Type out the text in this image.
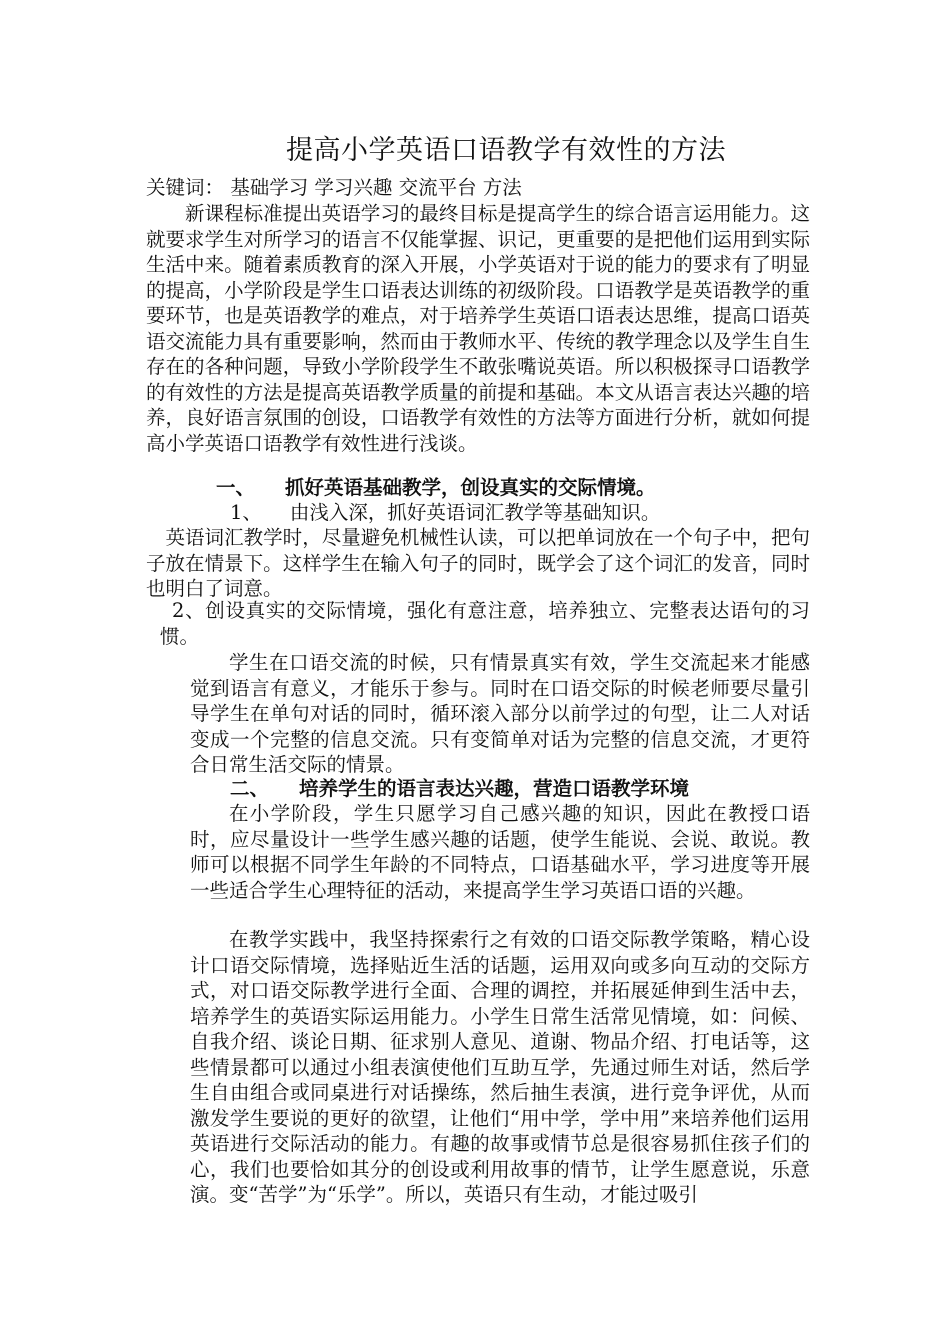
提高小学英语口语教学有效性的方法
关键词： 基础学习 学习兴趣 交流平台 方法
新课程标准提出英语学习的最终目标是提高学生的综合语言运用能力。这就要求学生对所学习的语言不仅能掌握、识记，更重要的是把他们运用到实际生活中来。随着素质教育的深入开展，小学英语对于说的能力的要求有了明显的提高，小学阶段是学生口语表达训练的初级阶段。口语教学是英语教学的重要环节，也是英语教学的难点，对于培养学生英语口语表达思维，提高口语英语交流能力具有重要影响，然而由于教师水平、传统的教学理念以及学生自生存在的各种问题，导致小学阶段学生不敢张嘴说英语。所以积极探寻口语教学的有效性的方法是提高英语教学质量的前提和基础。本文从语言表达兴趣的培养，良好语言氛围的创设，口语教学有效性的方法等方面进行分析，就如何提高小学英语口语教学有效性进行浅谈。
一、 抓好英语基础教学，创设真实的交际情境。
1、 由浅入深，抓好英语词汇教学等基础知识。
英语词汇教学时，尽量避免机械性认读，可以把单词放在一个句子中，把句子放在情景下。这样学生在输入句子的同时，既学会了这个词汇的发音，同时也明白了词意。
2、创设真实的交际情境，强化有意注意，培养独立、完整表达语句的习惯。
学生在口语交流的时候，只有情景真实有效，学生交流起来才能感觉到语言有意义，才能乐于参与。同时在口语交际的时候老师要尽量引导学生在单句对话的同时，循环滚入部分以前学过的句型，让二人对话变成一个完整的信息交流。只有变简单对话为完整的信息交流，才更符合日常生活交际的情景。
二、 培养学生的语言表达兴趣，营造口语教学环境
在小学阶段，学生只愿学习自己感兴趣的知识，因此在教授口语时，应尽量设计一些学生感兴趣的话题，使学生能说、会说、敢说。教师可以根据不同学生年龄的不同特点，口语基础水平，学习进度等开展一些适合学生心理特征的活动，来提高学生学习英语口语的兴趣。
在教学实践中，我坚持探索行之有效的口语交际教学策略，精心设计口语交际情境，选择贴近生活的话题，运用双向或多向互动的交际方式，对口语交际教学进行全面、合理的调控，并拓展延伸到生活中去，培养学生的英语实际运用能力。小学生日常生活常见情境，如：问候、自我介绍、谈论日期、征求别人意见、道谢、物品介绍、打电话等，这些情景都可以通过小组表演使他们互助互学，先通过师生对话，然后学生自由组合或同桌进行对话操练，然后抽生表演，进行竞争评优，从而激发学生要说的更好的欲望，让他们“用中学，学中用”来培养他们运用英语进行交际活动的能力。有趣的故事或情节总是很容易抓住孩子们的心，我们也要恰如其分的创设或利用故事的情节，让学生愿意说，乐意演。变“苦学”为“乐学”。所以，英语只有生动，才能过吸引
